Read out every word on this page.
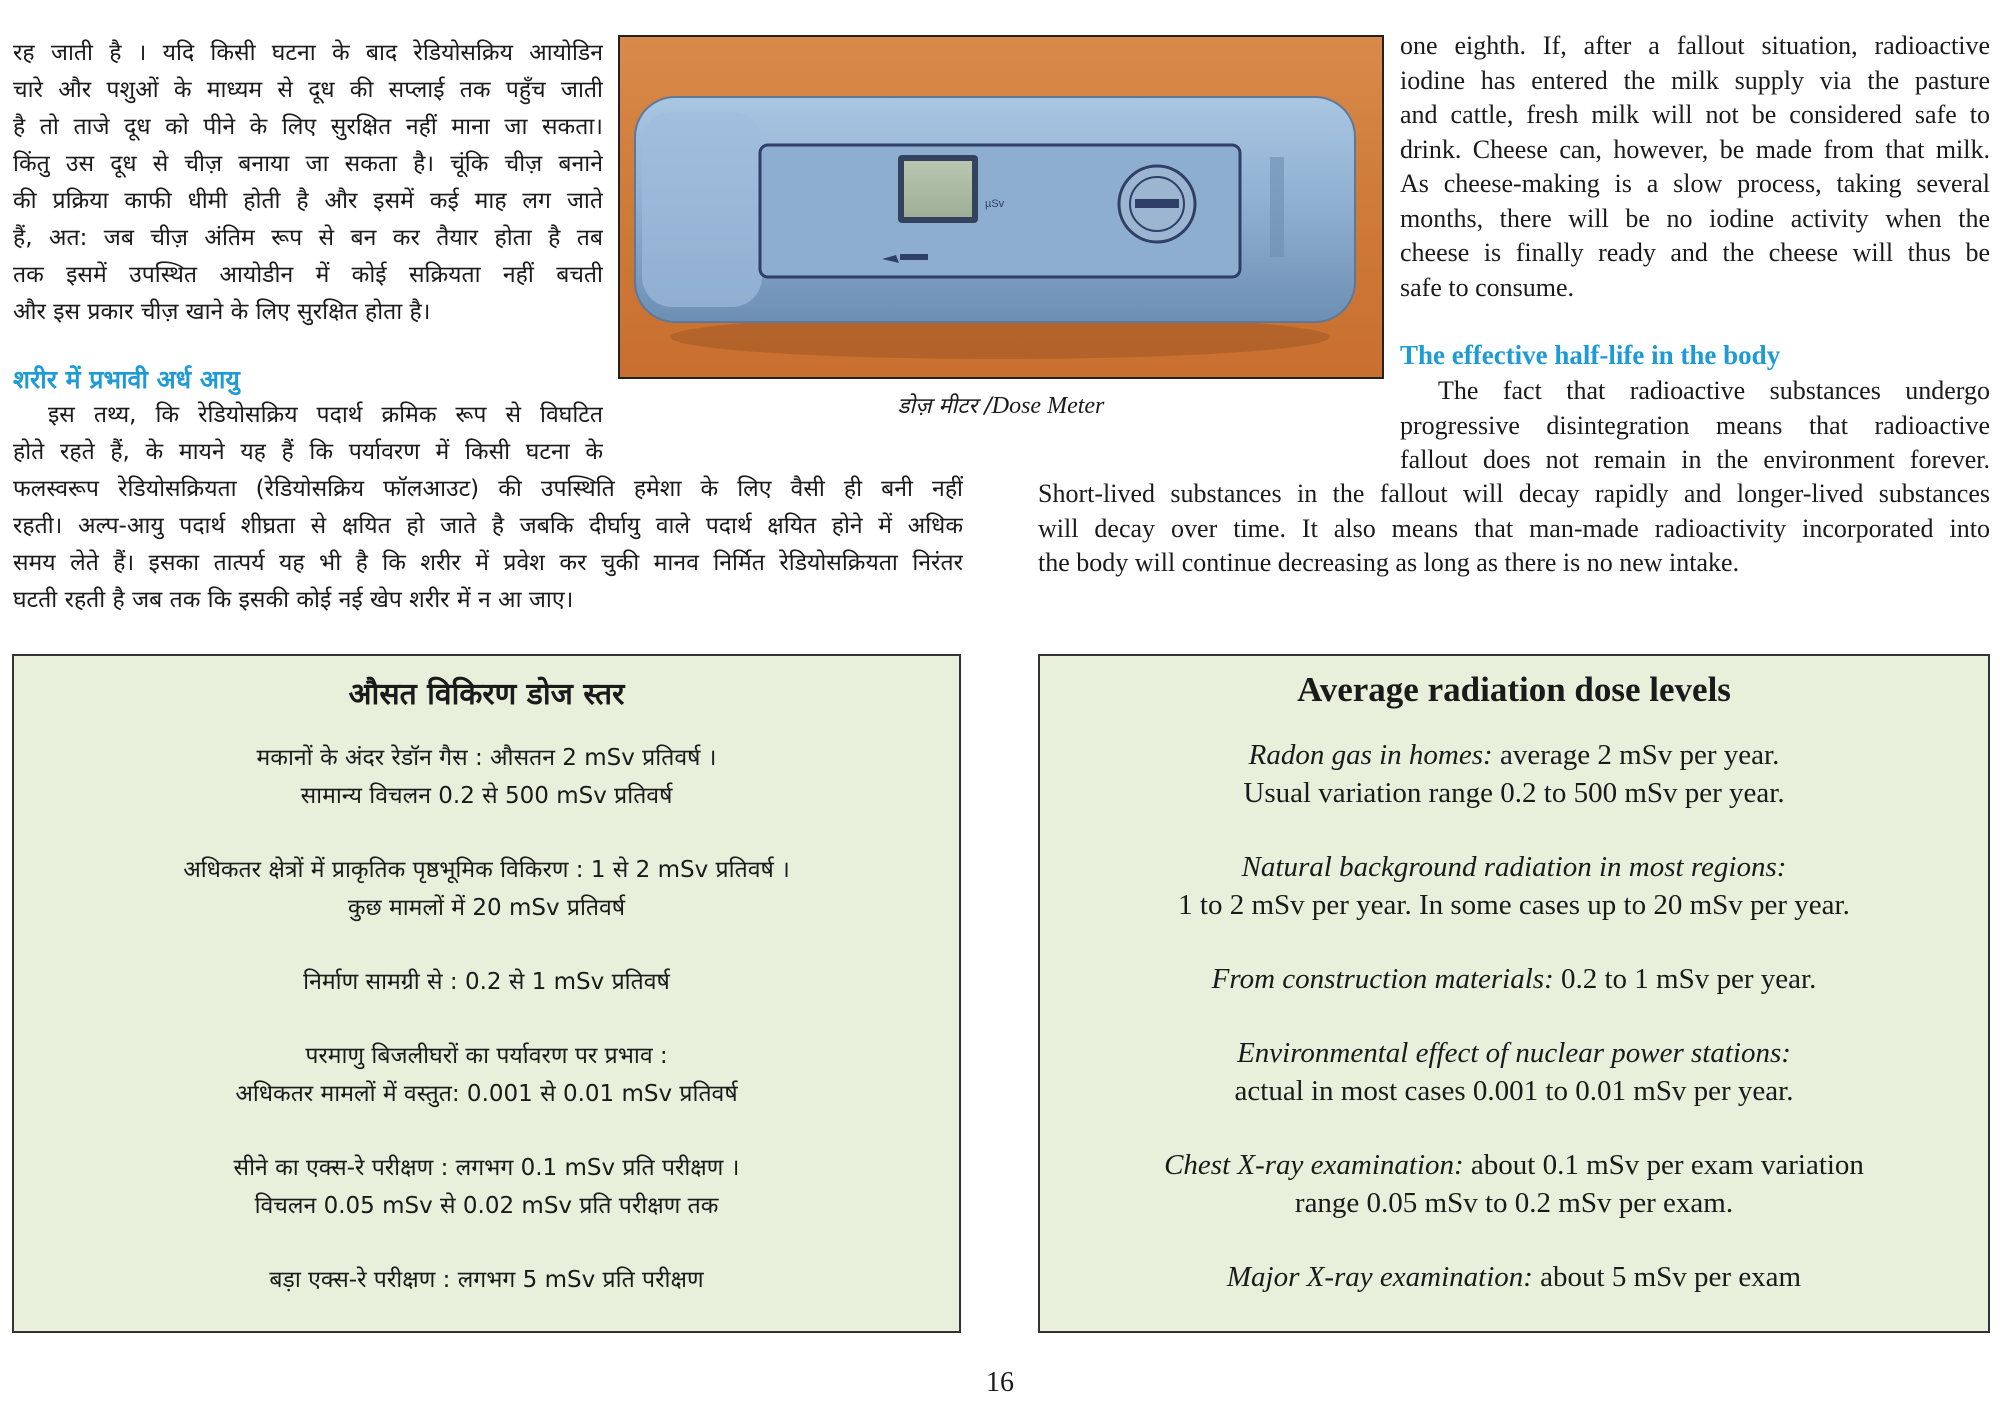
रह जाती है । यदि किसी घटना के बाद रेडियोसक्रिय आयोडिन
चारे और पशुओं के माध्यम से दूध की सप्लाई तक पहुँच जाती
है तो ताजे दूध को पीने के लिए सुरक्षित नहीं माना जा सकता।
किंतु उस दूध से चीज़ बनाया जा सकता है। चूंकि चीज़ बनाने
की प्रक्रिया काफी धीमी होती है और इसमें कई माह लग जाते
हैं, अत: जब चीज़ अंतिम रूप से बन कर तैयार होता है तब
तक इसमें उपस्थित आयोडीन में कोई सक्रियता नहीं बचती
और इस प्रकार चीज़ खाने के लिए सुरक्षित होता है।
शरीर में प्रभावी अर्ध आयु
इस तथ्य, कि रेडियोसक्रिय पदार्थ क्रमिक रूप से विघटित
होते रहते हैं, के मायने यह हैं कि पर्यावरण में किसी घटना के
फलस्वरूप रेडियोसक्रियता (रेडियोसक्रिय फॉलआउट) की उपस्थिति हमेशा के लिए वैसी ही बनी नहीं
रहती। अल्प-आयु पदार्थ शीघ्रता से क्षयित हो जाते है जबकि दीर्घायु वाले पदार्थ क्षयित होने में अधिक
समय लेते हैं। इसका तात्पर्य यह भी है कि शरीर में प्रवेश कर चुकी मानव निर्मित रेडियोसक्रियता निरंतर
घटती रहती है जब तक कि इसकी कोई नई खेप शरीर में न आ जाए।
µSv
डोज़ मीटर /Dose Meter
one eighth. If, after a fallout situation, radioactive
iodine has entered the milk supply via the pasture
and cattle, fresh milk will not be considered safe to
drink. Cheese can, however, be made from that milk.
As cheese-making is a slow process, taking several
months, there will be no iodine activity when the
cheese is finally ready and the cheese will thus be
safe to consume.
The effective half-life in the body
The fact that radioactive substances undergo
progressive disintegration means that radioactive
fallout does not remain in the environment forever.
Short-lived substances in the fallout will decay rapidly and longer-lived substances
will decay over time. It also means that man-made radioactivity incorporated into
the body will continue decreasing as long as there is no new intake.

औसत विकिरण डोज स्तर

मकानों के अंदर रेडॉन गैस : औसतन 2 mSv प्रतिवर्ष ।

सामान्य विचलन 0.2 से 500 mSv प्रतिवर्ष

अधिकतर क्षेत्रों में प्राकृतिक पृष्ठभूमिक विकिरण : 1 से 2 mSv प्रतिवर्ष ।

कुछ मामलों में 20 mSv प्रतिवर्ष

निर्माण सामग्री से : 0.2 से 1 mSv प्रतिवर्ष

परमाणु बिजलीघरों का पर्यावरण पर प्रभाव :

अधिकतर मामलों में वस्तुत: 0.001 से 0.01 mSv प्रतिवर्ष

सीने का एक्स-रे परीक्षण : लगभग 0.1 mSv प्रति परीक्षण ।

विचलन 0.05 mSv से 0.02 mSv प्रति परीक्षण तक

बड़ा एक्स-रे परीक्षण : लगभग 5 mSv प्रति परीक्षण

Average radiation dose levels

Radon gas in homes: average 2 mSv per year.

Usual variation range 0.2 to 500 mSv per year.

Natural background radiation in most regions:

1 to 2 mSv per year. In some cases up to 20 mSv per year.

From construction materials: 0.2 to 1 mSv per year.

Environmental effect of nuclear power stations:

actual in most cases 0.001 to 0.01 mSv per year.

Chest X-ray examination: about 0.1 mSv per exam variation

range 0.05 mSv to 0.2 mSv per exam.

Major X-ray examination: about 5 mSv per exam

16
